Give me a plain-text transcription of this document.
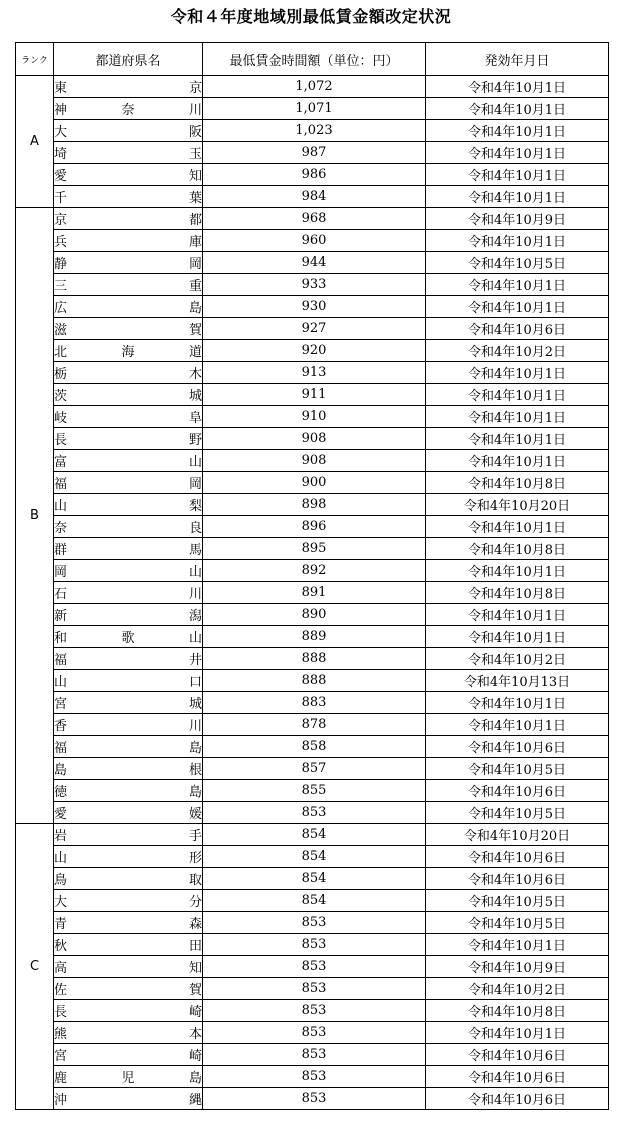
令和４年度地域別最低賃金額改定状況
ランク	都道府県名	最低賃金時間額（単位：円）	発効年月日
A	東 京	1,072	令和4年10月1日

	神 奈 川	1,071	令和4年10月1日

	大 阪	1,023	令和4年10月1日

	埼 玉	987	令和4年10月1日

	愛 知	986	令和4年10月1日

	千 葉	984	令和4年10月1日
B	京 都	968	令和4年10月9日

	兵 庫	960	令和4年10月1日

	静 岡	944	令和4年10月5日

	三 重	933	令和4年10月1日

	広 島	930	令和4年10月1日

	滋 賀	927	令和4年10月6日

	北 海 道	920	令和4年10月2日

	栃 木	913	令和4年10月1日

	茨 城	911	令和4年10月1日

	岐 阜	910	令和4年10月1日

	長 野	908	令和4年10月1日

	富 山	908	令和4年10月1日

	福 岡	900	令和4年10月8日

	山 梨	898	令和4年10月20日

	奈 良	896	令和4年10月1日

	群 馬	895	令和4年10月8日

	岡 山	892	令和4年10月1日

	石 川	891	令和4年10月8日

	新 潟	890	令和4年10月1日

	和 歌 山	889	令和4年10月1日

	福 井	888	令和4年10月2日

	山 口	888	令和4年10月13日

	宮 城	883	令和4年10月1日

	香 川	878	令和4年10月1日

	福 島	858	令和4年10月6日

	島 根	857	令和4年10月5日

	徳 島	855	令和4年10月6日

	愛 媛	853	令和4年10月5日
C	岩 手	854	令和4年10月20日

	山 形	854	令和4年10月6日

	鳥 取	854	令和4年10月6日

	大 分	854	令和4年10月5日

	青 森	853	令和4年10月5日

	秋 田	853	令和4年10月1日

	高 知	853	令和4年10月9日

	佐 賀	853	令和4年10月2日

	長 崎	853	令和4年10月8日

	熊 本	853	令和4年10月1日

	宮 崎	853	令和4年10月6日

	鹿 児 島	853	令和4年10月6日

	沖 縄	853	令和4年10月6日
